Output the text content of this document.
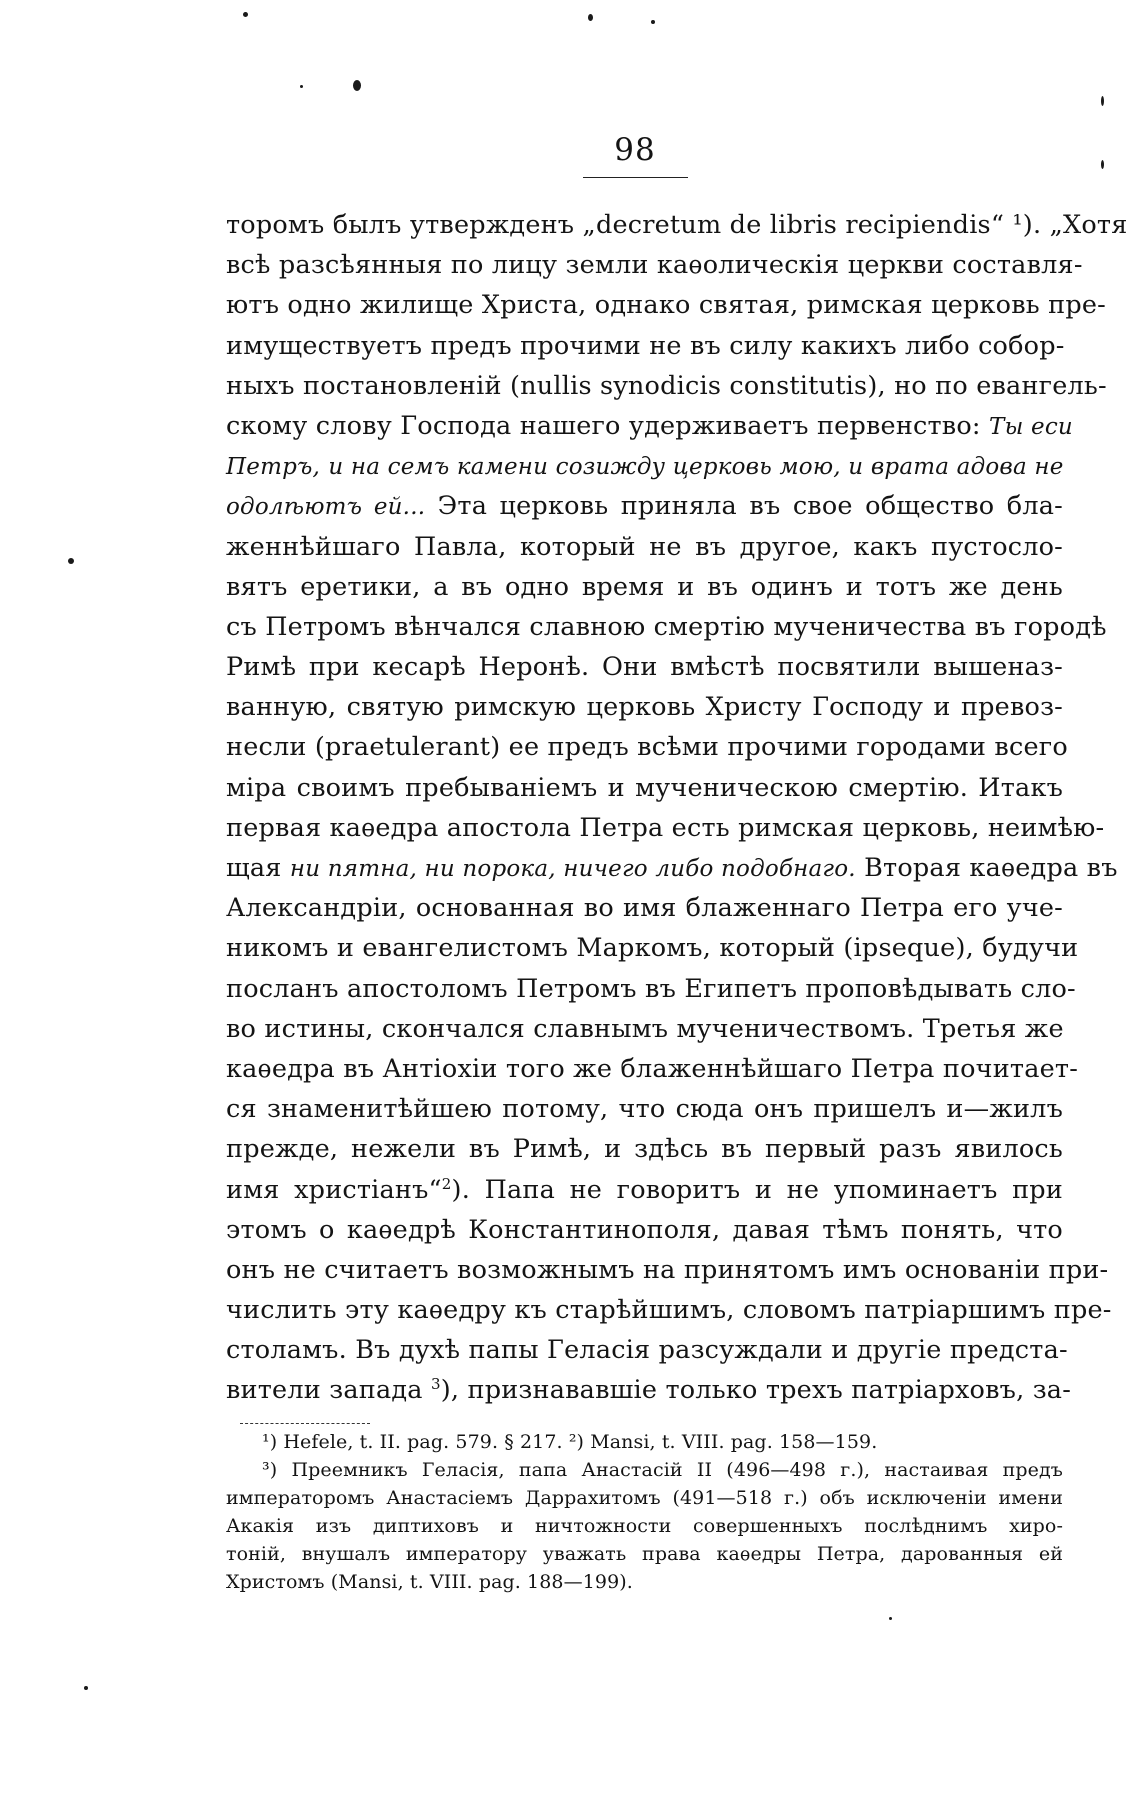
98
торомъ былъ утвержденъ „decretum de libris recipiendis“ ¹). „Хотя
всѣ разсѣянныя по лицу земли каѳолическія церкви составля-
ютъ одно жилище Христа, однако святая, римская церковь пре-
имуществуетъ предъ прочими не въ силу какихъ либо собор-
ныхъ постановленій (nullis synodicis constitutis), но по евангель-
скому слову Господа нашего удерживаетъ первенство: Ты еси
Петръ, и на семъ камени созижду церковь мою, и врата адова не
одолѣютъ ей... Эта церковь приняла въ свое общество бла-
женнѣйшаго Павла, который не въ другое, какъ пустосло-
вятъ еретики, а въ одно время и въ одинъ и тотъ же день
съ Петромъ вѣнчался славною смертію мученичества въ городѣ
Римѣ при кесарѣ Неронѣ. Они вмѣстѣ посвятили вышеназ-
ванную, святую римскую церковь Христу Господу и превоз-
несли (praetulerant) ее предъ всѣми прочими городами всего
міра своимъ пребываніемъ и мученическою смертію. Итакъ
первая каѳедра апостола Петра есть римская церковь, неимѣю-
щая ни пятна, ни порока, ничего либо подобнаго. Вторая каѳедра въ
Александріи, основанная во имя блаженнаго Петра его уче-
никомъ и евангелистомъ Маркомъ, который (ipseque), будучи
посланъ апостоломъ Петромъ въ Египетъ проповѣдывать сло-
во истины, скончался славнымъ мученичествомъ. Третья же
каѳедра въ Антіохіи того же блаженнѣйшаго Петра почитает-
ся знаменитѣйшею потому, что сюда онъ пришелъ и—жилъ
прежде, нежели въ Римѣ, и здѣсь въ первый разъ явилось
имя христіанъ“$^2$). Папа не говоритъ и не упоминаетъ при
этомъ о каѳедрѣ Константинополя, давая тѣмъ понять, что
онъ не считаетъ возможнымъ на принятомъ имъ основаніи при-
числить эту каѳедру къ старѣйшимъ, словомъ патріаршимъ пре-
столамъ. Въ духѣ папы Геласія разсуждали и другіе предста-
вители запада $^3$), признававшіе только трехъ патріарховъ, за-
¹) Hefele, t. II. pag. 579. § 217. ²) Mansi, t. VIII. pag. 158—159.
³) Преемникъ Геласія, папа Анастасій II (496—498 г.), настаивая предъ
императоромъ Анастасіемъ Даррахитомъ (491—518 г.) объ исключеніи имени
Акакія изъ диптиховъ и ничтожности совершенныхъ послѣднимъ хиро-
тоній, внушалъ императору уважать права каѳедры Петра, дарованныя ей
Христомъ (Mansi, t. VIII. pag. 188—199).
